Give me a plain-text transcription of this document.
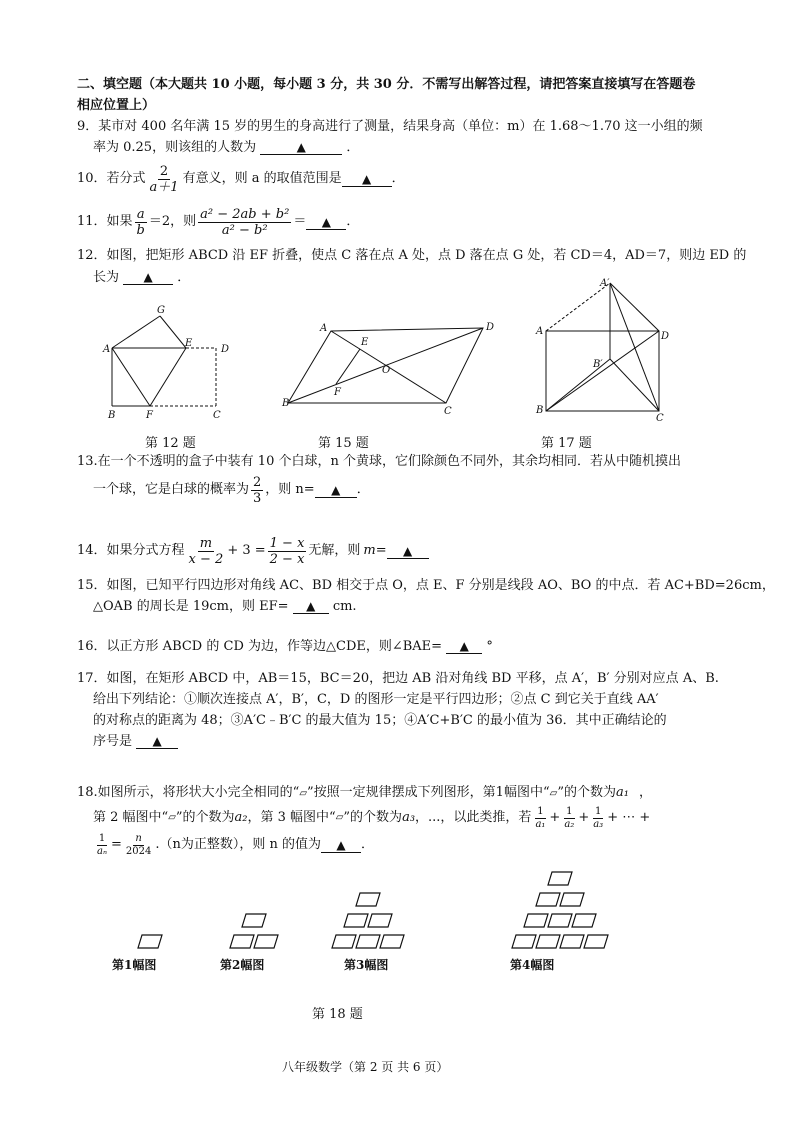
二、填空题（本大题共 10 小题，每小题 3 分，共 30 分．不需写出解答过程，请把答案直接填写在答题卷
相应位置上）
9．某市对 400 名年满 15 岁的男生的身高进行了测量，结果身高（单位：m）在 1.68～1.70 这一小组的频
率为 0.25，则该组的人数为	▲	．
10．若分式 $\frac{2}{a+1}$ 有意义，则 a 的取值范围是	▲	．
11．如果 $\frac{a}{b} =2$，则 $\frac{\text{a² − 2ab + b²}}{\text{a² − b²}}$ ＝	▲	．
12．如图，把矩形 ABCD 沿 EF 折叠，使点 C 落在点 A 处，点 D 落在点 G 处，若 CD＝4，AD＝7，则边 ED 的
长为 ▲ ．
G
A
E
D
B	F	C
第 12 题
A	D
E
O
F
B
C
第 15 题
A′
A	D
B′
B
C
第 17 题
13.在一个不透明的盒子中装有 10 个白球，n 个黄球，它们除颜色不同外，其余均相同．若从中随机摸出
一个球，它是白球的概率为 $\frac{2}{3}$ ，则 n=	▲	．
14．如果分式方程 $\frac{m}{x - 2} + 3 = \frac{1 - x}{2 - x}$ 无解，则 m =	▲
15．如图，已知平行四边形对角线 AC、BD 相交于点 O，点 E、F 分别是线段 AO、BO 的中点．若 AC+BD=26cm，
△OAB 的周长是 19cm，则 EF= ▲ cm.
16．以正方形 ABCD 的 CD 为边，作等边△CDE，则∠BAE= ▲ °
17．如图，在矩形 ABCD 中，AB＝15，BC＝20，把边 AB 沿对角线 BD 平移，点 A′，B′ 分别对应点 A、B.
给出下列结论：①顺次连接点 A′，B′，C，D 的图形一定是平行四边形；②点 C 到它关于直线 AA′
的对称点的距离为 48；③A′C﹣B′C 的最大值为 15；④A′C+B′C 的最小值为 36．其中正确结论的
序号是 ▲
18.如图所示，将形状大小完全相同的“▱”按照一定规律摆成下列图形，第1幅图中“▱”的个数为a₁ ，
第 2 幅图中“ ▱ ”的个数为 a₂ ，第 3 幅图中“ ▱ ”的个数为 a₃ ，...，以此类推，若 $\frac{1}{\text{a₁}} + \frac{1}{\text{a₂}} + \frac{1}{\text{a₃}}$ + ⋯ +
$\frac{1}{\text{aₙ}} = \frac{n}{2024} .(n$为正整数），则 n 的值为	▲	．
第1幅图	第2幅图	第3幅图	第4幅图
第 18 题
八年级数学（第 2 页 共 6 页）
